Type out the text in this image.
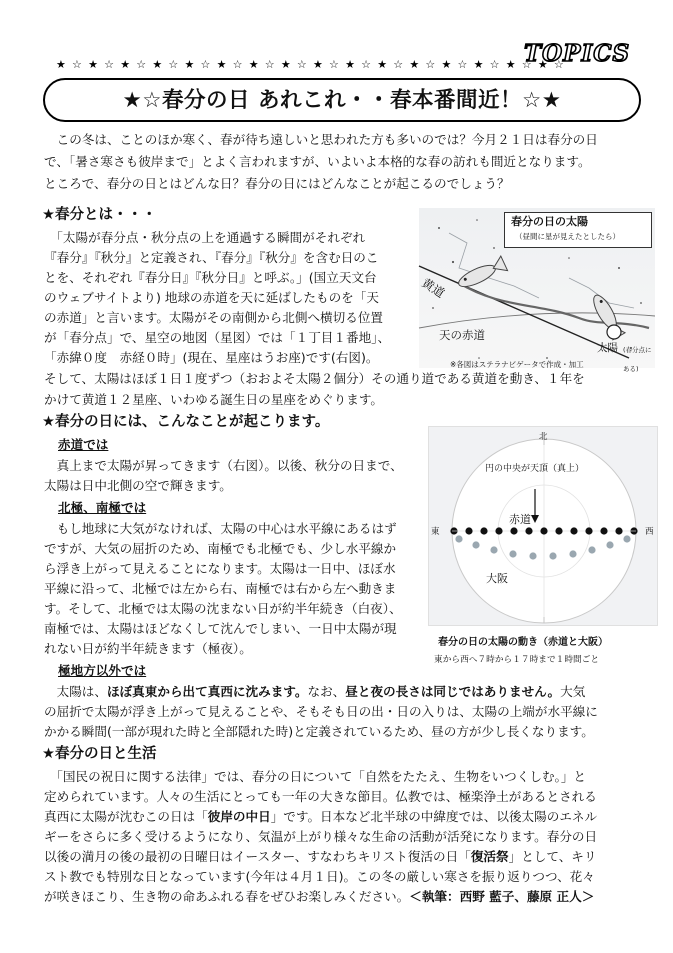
★☆★☆★☆★☆★☆★☆★☆★☆★☆★☆★☆★☆★☆★☆★☆★☆
TOPICS
★☆春分の日 あれこれ・・春本番間近！☆★
　この冬は、ことのほか寒く、春が待ち遠しいと思われた方も多いのでは？今月２１日は春分の日
で、「暑さ寒さも彼岸まで」とよく言われますが、いよいよ本格的な春の訪れも間近となります。
ところで、春分の日とはどんな日？春分の日にはどんなことが起こるのでしょう？
★春分とは・・・
　「太陽が春分点・秋分点の上を通過する瞬間がそれぞれ
『春分』『秋分』と定義され、『春分』『秋分』を含む日のこ
とを、それぞれ『春分日』『秋分日』と呼ぶ。」(国立天文台
のウェブサイトより) 地球の赤道を天に延ばしたものを「天
の赤道」と言います。太陽がその南側から北側へ横切る位置
が「春分点」で、星空の地図（星図）では「１丁目１番地」、
「赤緯０度　赤経０時」(現在、星座はうお座)です(右図)。
そして、太陽はほぼ１日１度ずつ（おおよそ太陽２個分）その通り道である黄道を動き、１年を
かけて黄道１２星座、いわゆる誕生日の星座をめぐります。
春分の日の太陽
（昼間に星が見えたとしたら）
黄道
天の赤道
太陽 (春分点にある)
※各図はステラナビゲータで作成・加工
★春分の日には、こんなことが起こります。
赤道では
　真上まで太陽が昇ってきます（右図）。以後、秋分の日まで、
太陽は日中北側の空で輝きます。
北極、南極では
　もし地球に大気がなければ、太陽の中心は水平線にあるはず
ですが、大気の屈折のため、南極でも北極でも、少し水平線か
ら浮き上がって見えることになります。太陽は一日中、ほぼ水
平線に沿って、北極では左から右、南極では右から左へ動きま
す。そして、北極では太陽の沈まない日が約半年続き（白夜）、
南極では、太陽はほどなくして沈んでしまい、一日中太陽が現
れない日が約半年続きます（極夜）。
極地方以外では
　太陽は、ほぼ真東から出て真西に沈みます。なお、昼と夜の長さは同じではありません。大気
の屈折で太陽が浮き上がって見えることや、そもそも日の出・日の入りは、太陽の上端が水平線に
かかる瞬間(一部が現れた時と全部隠れた時)と定義されているため、昼の方が少し長くなります。
北
東	西
円の中央が天頂（真上）
赤道
大阪
春分の日の太陽の動き（赤道と大阪）
東から西へ７時から１７時まで１時間ごと
★春分の日と生活
　「国民の祝日に関する法律」では、春分の日について「自然をたたえ、生物をいつくしむ。」と
定められています。人々の生活にとっても一年の大きな節目。仏教では、極楽浄土があるとされる
真西に太陽が沈むこの日は「彼岸の中日」です。日本など北半球の中緯度では、以後太陽のエネル
ギーをさらに多く受けるようになり、気温が上がり様々な生命の活動が活発になります。春分の日
以後の満月の後の最初の日曜日はイースター、すなわちキリスト復活の日「復活祭」として、キリ
スト教でも特別な日となっています(今年は４月１日)。この冬の厳しい寒さを振り返りつつ、花々
が咲きほこり、生き物の命あふれる春をぜひお楽しみください。＜執筆：西野 藍子、藤原 正人＞
